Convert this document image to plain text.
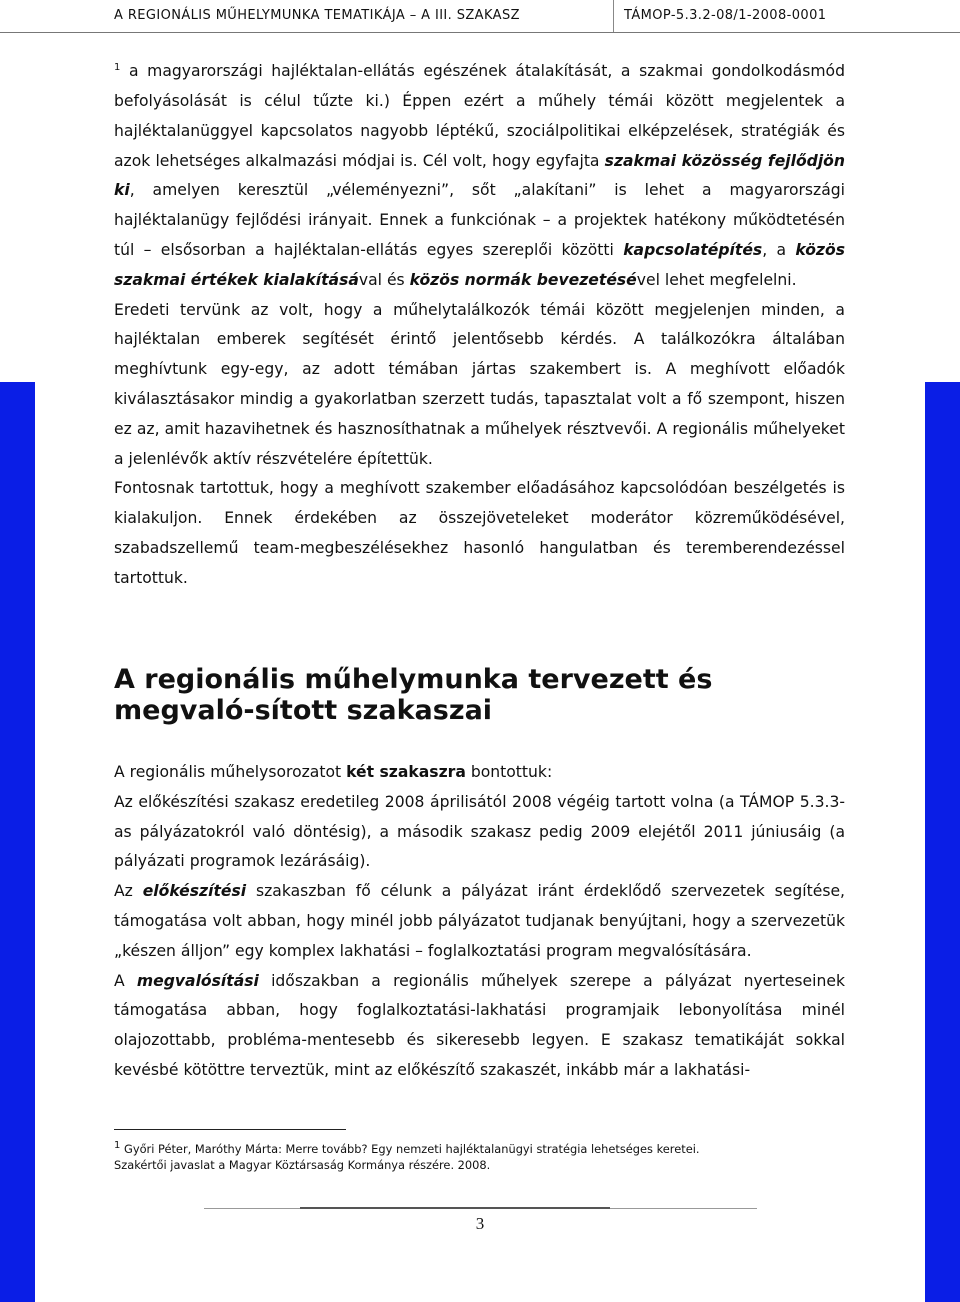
A REGIONÁLIS MŰHELYMUNKA TEMATIKÁJA – A III. SZAKASZ	TÁMOP-5.3.2-08/1-2008-0001

$^1$ a magyarországi hajléktalan-ellátás egészének átalakítását, a szakmai gondolkodásmód befolyásolását is célul tűzte ki.) Éppen ezért a műhely témái között megjelentek a hajléktalanüggyel kapcsolatos nagyobb léptékű, szociálpolitikai elképzelések, stratégiák és azok lehetséges alkalmazási módjai is. Cél volt, hogy egyfajta szakmai közösség fejlődjön ki, amelyen keresztül „véleményezni”, sőt „alakítani” is lehet a magyarországi hajléktalanügy fejlődési irányait. Ennek a funkciónak – a projektek hatékony működtetésén túl – elsősorban a hajléktalan-ellátás egyes szereplői közötti kapcsolatépítés, a közös szakmai értékek kialakításával és közös normák bevezetésével lehet megfelelni.

Eredeti tervünk az volt, hogy a műhelytalálkozók témái között megjelenjen minden, a hajléktalan emberek segítését érintő jelentősebb kérdés. A találkozókra általában meghívtunk egy-egy, az adott témában jártas szakembert is. A meghívott előadók kiválasztásakor mindig a gyakorlatban szerzett tudás, tapasztalat volt a fő szempont, hiszen ez az, amit hazavihetnek és hasznosíthatnak a műhelyek résztvevői. A regionális műhelyeket a jelenlévők aktív részvételére építettük.

Fontosnak tartottuk, hogy a meghívott szakember előadásához kapcsolódóan beszélgetés is kialakuljon. Ennek érdekében az összejöveteleket moderátor közreműködésével, szabadszellemű team-megbeszélésekhez hasonló hangulatban és teremberendezéssel tartottuk.

A regionális műhelymunka tervezett és megvaló-sított szakaszai

A regionális műhelysorozatot két szakaszra bontottuk:

Az előkészítési szakasz eredetileg 2008 áprilisától 2008 végéig tartott volna (a TÁMOP 5.3.3-as pályázatokról való döntésig), a második szakasz pedig 2009 elejétől 2011 júniusáig (a pályázati programok lezárásáig).

Az előkészítési szakaszban fő célunk a pályázat iránt érdeklődő szervezetek segítése, támogatása volt abban, hogy minél jobb pályázatot tudjanak benyújtani, hogy a szervezetük „készen álljon” egy komplex lakhatási – foglalkoztatási program megvalósítására.

A megvalósítási időszakban a regionális műhelyek szerepe a pályázat nyerteseinek támogatása abban, hogy foglalkoztatási-lakhatási programjaik lebonyolítása minél olajozottabb, probléma-mentesebb és sikeresebb legyen. E szakasz tematikáját sokkal kevésbé kötöttre terveztük, mint az előkészítő szakaszét, inkább már a lakhatási-

$^1$ Győri Péter, Maróthy Márta: Merre tovább? Egy nemzeti hajléktalanügyi stratégia lehetséges keretei.

Szakértői javaslat a Magyar Köztársaság Kormánya részére. 2008.

3
